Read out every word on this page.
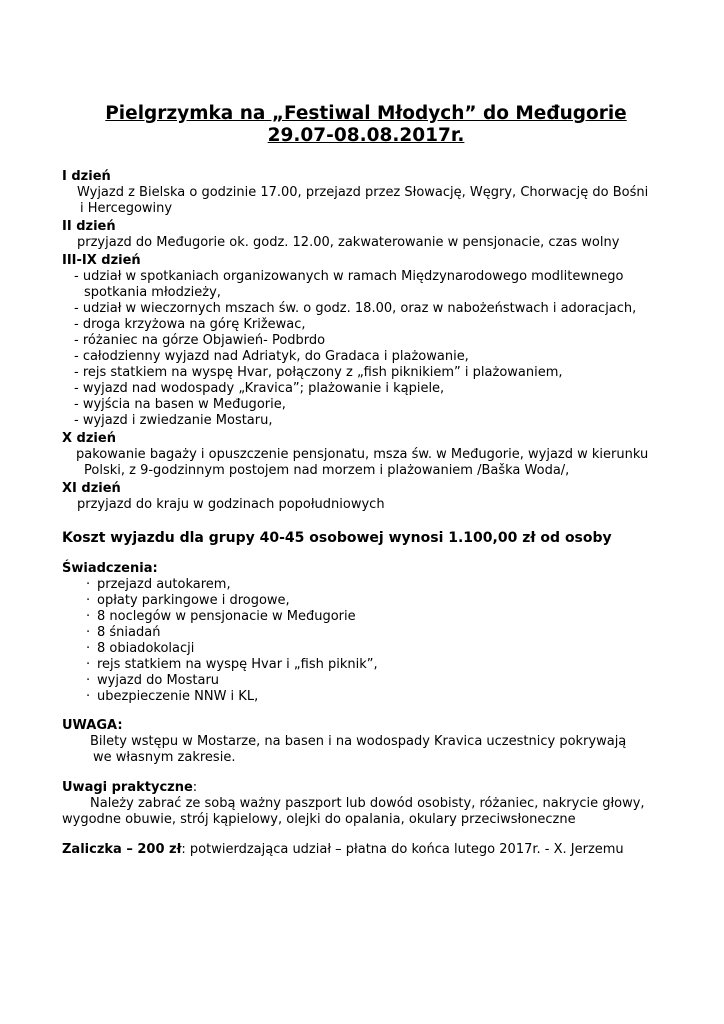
Pielgrzymka na „Festiwal Młodych” do Međugorie

29.07-08.08.2017r.

I dzień

Wyjazd z Bielska o godzinie 17.00, przejazd przez Słowację, Węgry, Chorwację do Bośni
i Hercegowiny

II dzień

przyjazd do Međugorie ok. godz. 12.00, zakwaterowanie w pensjonacie, czas wolny

III-IX dzień

- udział w spotkaniach organizowanych w ramach Międzynarodowego modlitewnego
spotkania młodzieży,
- udział w wieczornych mszach św. o godz. 18.00, oraz w nabożeństwach i adoracjach,
- droga krzyżowa na górę Križewac,
- różaniec na górze Objawień- Podbrdo
- całodzienny wyjazd nad Adriatyk, do Gradaca i plażowanie,
- rejs statkiem na wyspę Hvar, połączony z „fish piknikiem” i plażowaniem,
- wyjazd nad wodospady „Kravica”; plażowanie i kąpiele,
- wyjścia na basen w Međugorie,
- wyjazd i zwiedzanie Mostaru,

X dzień

pakowanie bagaży i opuszczenie pensjonatu, msza św. w Međugorie, wyjazd w kierunku
Polski, z 9-godzinnym postojem nad morzem i plażowaniem /Baška Woda/,

XI dzień

przyjazd do kraju w godzinach popołudniowych

Koszt wyjazdu dla grupy 40-45 osobowej wynosi 1.100,00 zł od osoby

Świadczenia:

· przejazd autokarem,
· opłaty parkingowe i drogowe,
· 8 noclegów w pensjonacie w Međugorie
· 8 śniadań
· 8 obiadokolacji
· rejs statkiem na wyspę Hvar i „fish piknik”,
· wyjazd do Mostaru
· ubezpieczenie NNW i KL,

UWAGA:

Bilety wstępu w Mostarze, na basen i na wodospady Kravica uczestnicy pokrywają
we własnym zakresie.

Uwagi praktyczne:

Należy zabrać ze sobą ważny paszport lub dowód osobisty, różaniec, nakrycie głowy,
wygodne obuwie, strój kąpielowy, olejki do opalania, okulary przeciwsłoneczne
Zaliczka – 200 zł: potwierdzająca udział – płatna do końca lutego 2017r. - X. Jerzemu
